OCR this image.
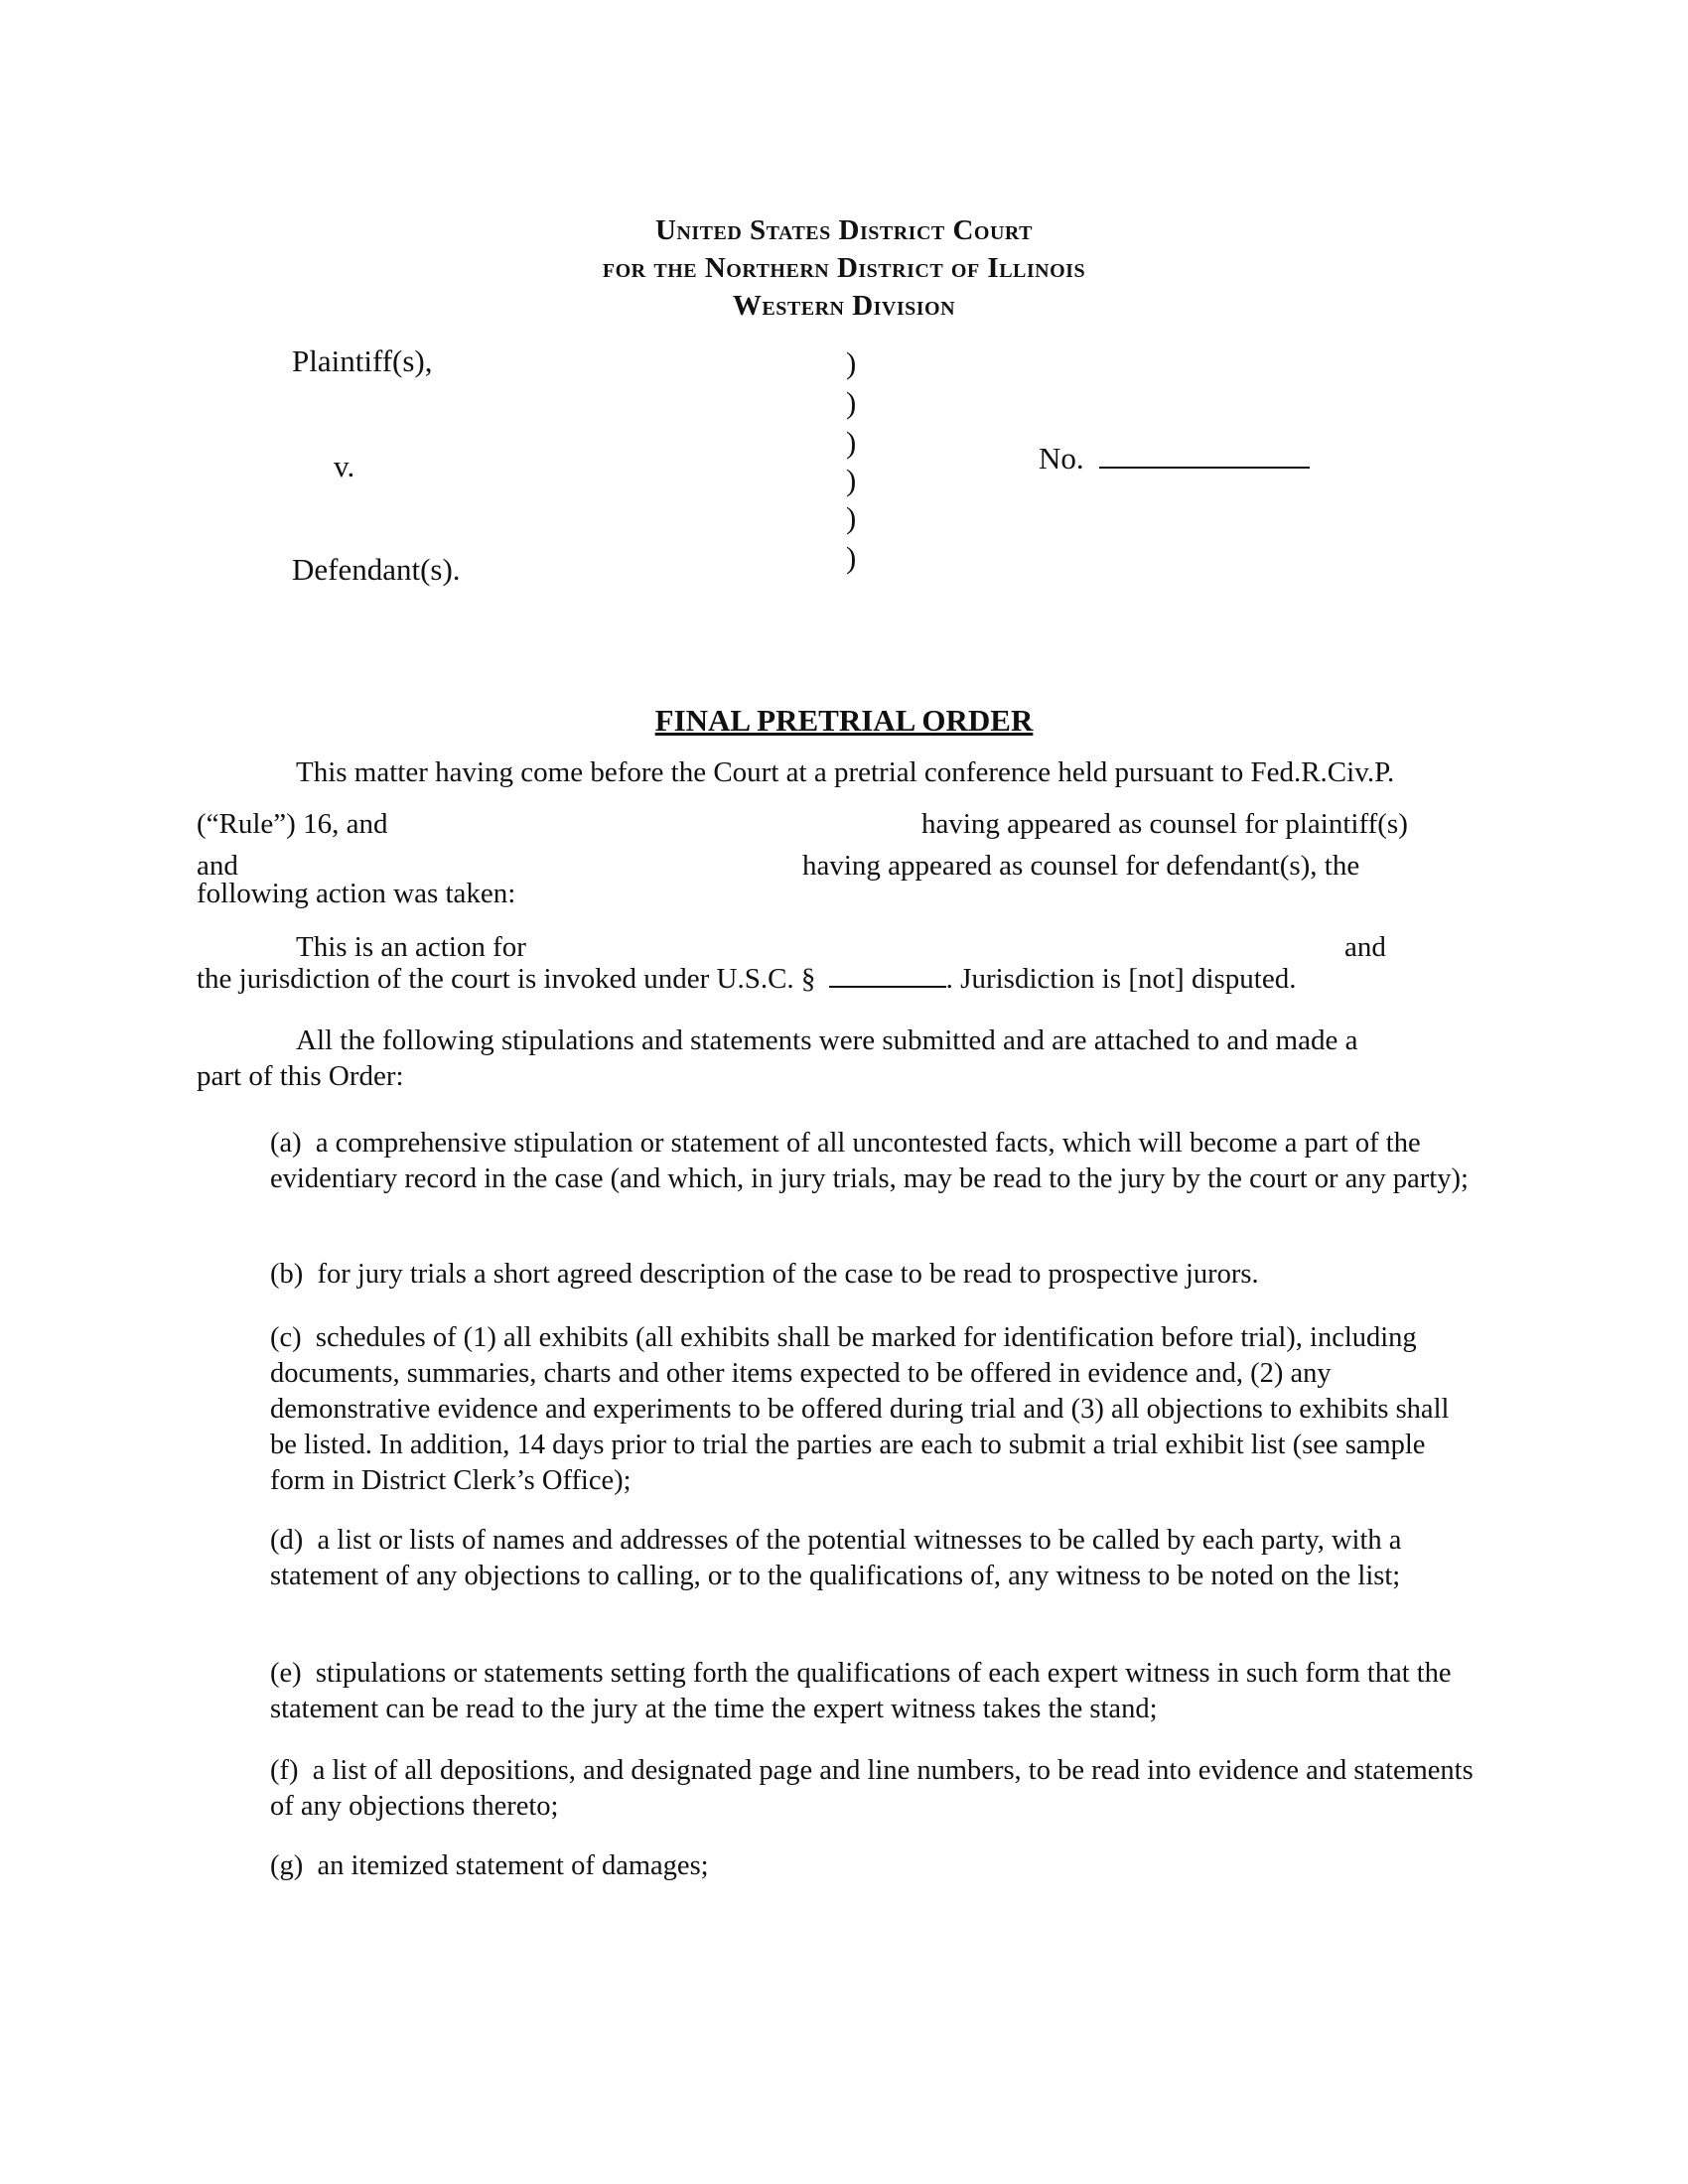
United States District Court
for the Northern District of Illinois
Western Division
Plaintiff(s),
v.
Defendant(s).
)
)
)
)
)
)
No.
FINAL PRETRIAL ORDER
This matter having come before the Court at a pretrial conference held pursuant to Fed.R.Civ.P.
(“Rule”) 16, and	having appeared as counsel for plaintiff(s)
and	having appeared as counsel for defendant(s), the
following action was taken:
This is an action for	and
the jurisdiction of the court is invoked under U.S.C. §	. Jurisdiction is [not] disputed.
All the following stipulations and statements were submitted and are attached to and made a
part of this Order:
(a) a comprehensive stipulation or statement of all uncontested facts, which will become a part of the evidentiary record in the case (and which, in jury trials, may be read to the jury by the court or any party);
(b) for jury trials a short agreed description of the case to be read to prospective jurors.
(c) schedules of (1) all exhibits (all exhibits shall be marked for identification before trial), including documents, summaries, charts and other items expected to be offered in evidence and, (2) any demonstrative evidence and experiments to be offered during trial and (3) all objections to exhibits shall be listed. In addition, 14 days prior to trial the parties are each to submit a trial exhibit list (see sample form in District Clerk’s Office);
(d) a list or lists of names and addresses of the potential witnesses to be called by each party, with a statement of any objections to calling, or to the qualifications of, any witness to be noted on the list;
(e) stipulations or statements setting forth the qualifications of each expert witness in such form that the statement can be read to the jury at the time the expert witness takes the stand;
(f) a list of all depositions, and designated page and line numbers, to be read into evidence and statements of any objections thereto;
(g) an itemized statement of damages;
